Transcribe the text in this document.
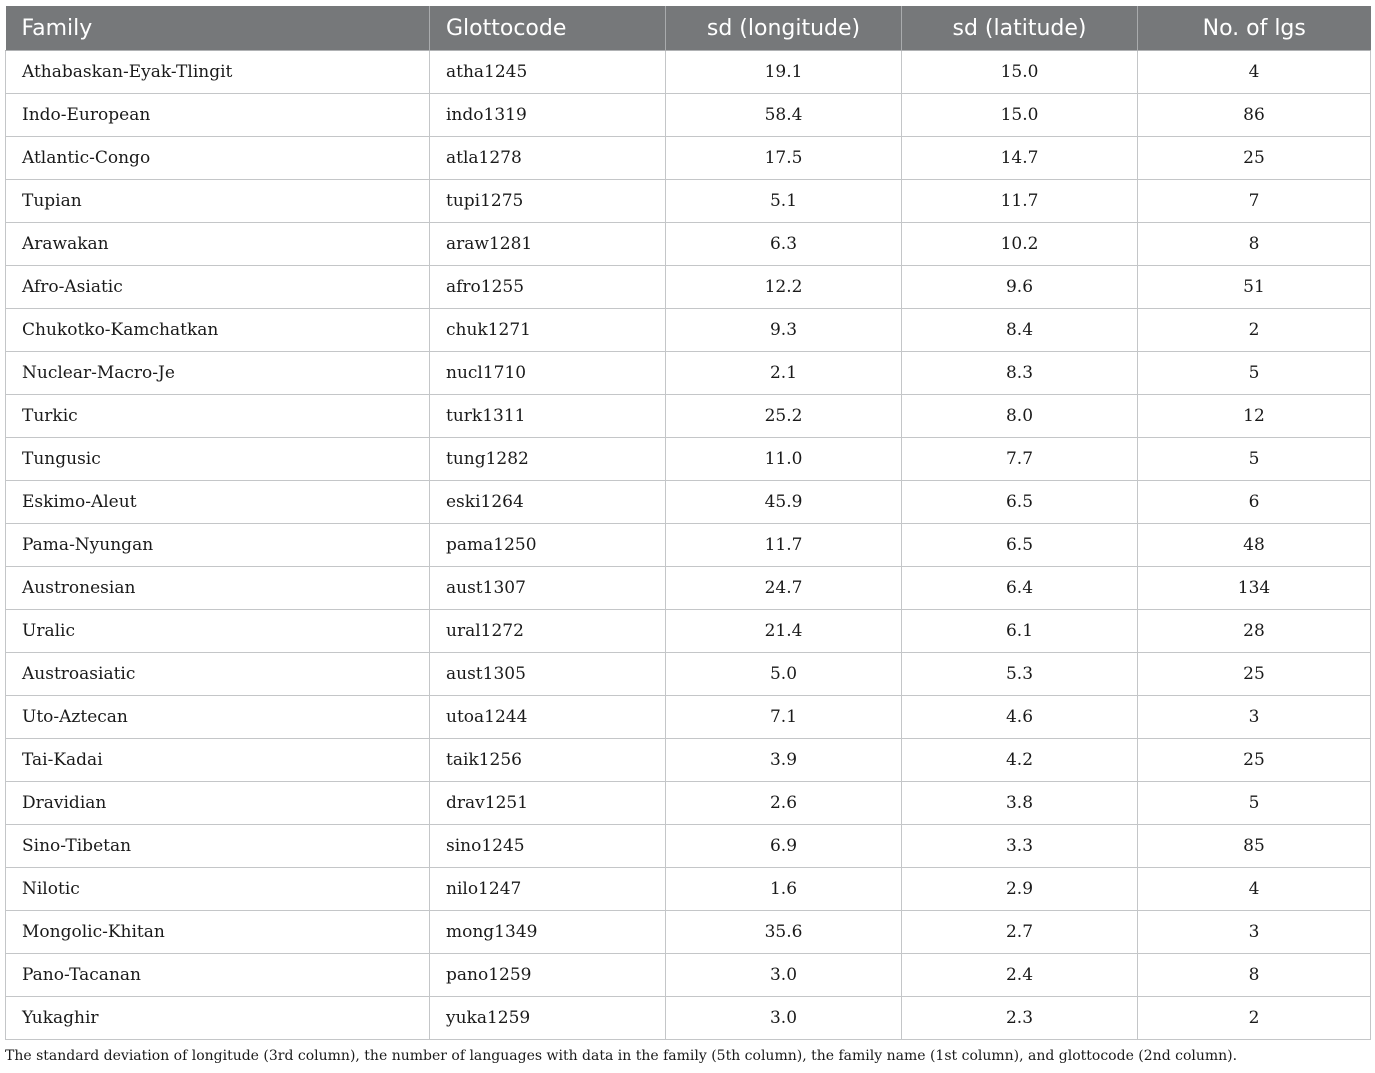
Family	Glottocode	sd (longitude)	sd (latitude)	No. of lgs
Athabaskan-Eyak-Tlingit	atha1245	19.1	15.0	4
Indo-European	indo1319	58.4	15.0	86
Atlantic-Congo	atla1278	17.5	14.7	25
Tupian	tupi1275	5.1	11.7	7
Arawakan	araw1281	6.3	10.2	8
Afro-Asiatic	afro1255	12.2	9.6	51
Chukotko-Kamchatkan	chuk1271	9.3	8.4	2
Nuclear-Macro-Je	nucl1710	2.1	8.3	5
Turkic	turk1311	25.2	8.0	12
Tungusic	tung1282	11.0	7.7	5
Eskimo-Aleut	eski1264	45.9	6.5	6
Pama-Nyungan	pama1250	11.7	6.5	48
Austronesian	aust1307	24.7	6.4	134
Uralic	ural1272	21.4	6.1	28
Austroasiatic	aust1305	5.0	5.3	25
Uto-Aztecan	utoa1244	7.1	4.6	3
Tai-Kadai	taik1256	3.9	4.2	25
Dravidian	drav1251	2.6	3.8	5
Sino-Tibetan	sino1245	6.9	3.3	85
Nilotic	nilo1247	1.6	2.9	4
Mongolic-Khitan	mong1349	35.6	2.7	3
Pano-Tacanan	pano1259	3.0	2.4	8
Yukaghir	yuka1259	3.0	2.3	2
The standard deviation of longitude (3rd column), the number of languages with data in the family (5th column), the family name (1st column), and glottocode (2nd column).
